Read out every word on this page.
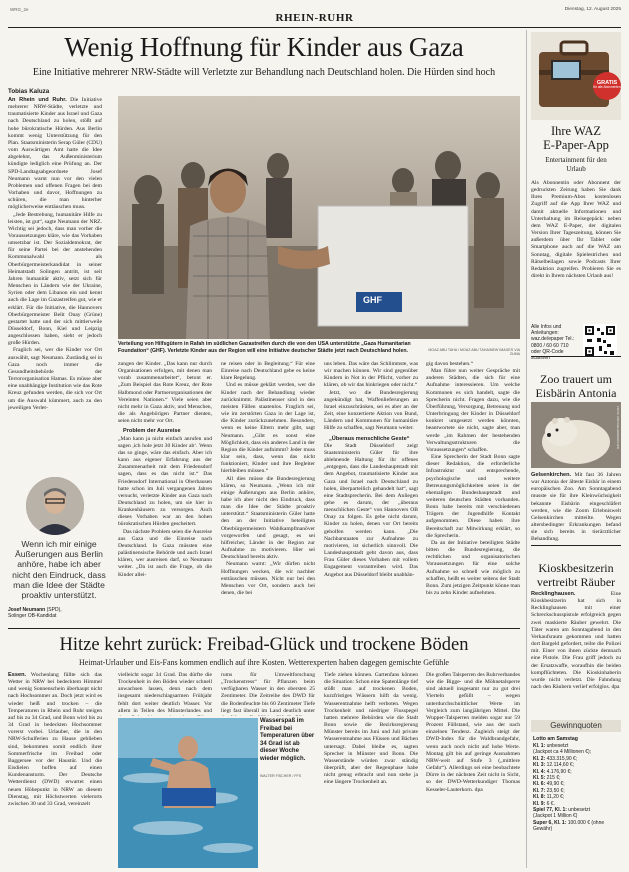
WRG_2e
RHEIN-RUHR
Dienstag, 12. August 2025
Wenig Hoffnung für Kinder aus Gaza
Eine Initiative mehrerer NRW-Städte will Verletzte zur Behandlung nach Deutschland holen. Die Hürden sind hoch
Tobias Kaluza

An Rhein und Ruhr. Die Initiative mehrerer NRW-Städte, verletzte und traumatisierte Kinder aus Israel und Gaza nach Deutschland zu holen, stößt auf hohe bürokratische Hürden. Aus Berlin kommt wenig Unterstützung für den Plan. Staatsministerin Serap Güler (CDU) vom Auswärtigen Amt hatte die Idee abgelehnt, das Außenministerium kündigte lediglich eine Prüfung an. Der SPD-Landtagsabgeordnete Josef Neumann warnt nun vor den vielen Problemen und offenen Fragen bei dem Vorhaben und davor, Hoffnungen zu schüren, die man hinterher möglicherweise enttäuschen muss.

„Jede Bestrebung, humanitäre Hilfe zu leisten, ist gut“, sagte Neumann der NRZ. Wichtig sei jedoch, dass man vorher die Voraussetzungen kläre, wie das Vorhaben umsetzbar ist. Der Sozialdemokrat, der für seine Partei bei der anstehenden Kommunalwahl als Oberbürgermeisterkandidat in seiner Heimatstadt Solingen antritt, ist seit Jahren humanitär aktiv, setzt sich für Menschen in Ländern wie der Ukraine, Syrien oder dem Libanon ein und kennt auch die Lage im Gazastreifen gut, wie er erklärt. Für die Initiative, die Hannovers Oberbürgermeister Belit Onay (Grüne) gestartet hatte und der sich mittlerweile Düsseldorf, Bonn, Kiel und Leipzig angeschlossen haben, sieht er jedoch große Hürden.

Fraglich sei, wer die Kinder vor Ort auswählt, sagt Neumann. Zuständig sei in Gaza noch immer die Gesundheitsbehörde der Terrororganisation Hamas. Es müsse aber eine unabhängige Institution wie das Rote Kreuz gefunden werden, die sich vor Ort um die Auswahl kümmert, auch zu den jeweiligen Verlet-

GHF
Verteilung von Hilfsgütern in Rafah im südlichen Gazastreifen durch die von den USA unterstützte „Gaza Humanitarian Foundation“ (GHF). Verletzte Kinder aus der Region will eine Initiative deutscher Städte jetzt nach Deutschland holen.	MOAZ ABU TAHA / MOAZ ABU TAHA/NEW IMAGES VIA ZUMA

zungen der Kinder. „Das kann nur durch Organisationen erfolgen, mit denen man vorab zusammenarbeitet“, betont er. „Zum Beispiel das Rote Kreuz, der Rote Halbmond oder Partnerorganisationen der Vereinten Nationen.“ Viele seien aber nicht mehr in Gaza aktiv, und Menschen, die als Angehörigen Partner dienten, seien nicht mehr vor Ort.

Problem der Ausreise
„Man kann ja nicht einfach anrufen und sagen ,ich hole jetzt 30 Kinder ab‘. Wenn das so ginge, wäre das einfach. Aber ich kann aus eigener Erfahrung aus der Zusammenarbeit mit dem Friedensdorf sagen, dass es das nicht ist.“ Das Friedensdorf International in Oberhausen hatte schon im Juli vergangenen Jahres versucht, verletzte Kinder aus Gaza nach Deutschland zu holen, um sie hier in Krankenhäusern zu versorgen. Auch dieses Vorhaben war an den hohen bürokratischen Hürden gescheitert.

Das nächste Problem seien die Ausreise aus Gaza und die Einreise nach Deutschland. In Gaza müssten eine palästinensische Behörde und auch Israel klären, wer ausreisen darf, so Neumann weiter. „Da ist auch die Frage, ob die Kinder allei-

ne reisen oder in Begleitung.“ Für eine Einreise nach Deutschland gebe es keine klare Regelung.

Und es müsse geklärt werden, wer die Kinder nach der Behandlung wieder zurücknimmt. Palästinenser sind in den meisten Fällen staatenlos. Fraglich sei, wie im zerstörten Gaza in der Lage ist, die Kinder zurückzunehmen. Besonders, wenn es keine Eltern mehr gibt, sagt Neumann. „Gibt es sonst eine Möglichkeit, dass ein anderes Land in der Region die Kinder aufnimmt? Jeder muss klar sein, dass, wenn das nicht funktioniert, Kinder und ihre Begleiter hierbleiben müssen.“

All dies müsse die Bundesregierung klären, so Neumann. „Wenn ich mir einige Äußerungen aus Berlin anhöre, habe ich aber nicht den Eindruck, dass man die Idee der Städte proaktiv unterstützt.“ Staatsministerin Güler hatte den an der Initiative beteiligten Oberbürgermeistern Wahlkampfmanöver vorgeworfen und gesagt, es sei hilfreicher, Länder in der Region zur Aufnahme zu motivieren. Hier sei Deutschland bereits aktiv.

Neumann warnt: „Wir dürfen nicht Hoffnungen wecken, die wir nachher enttäuschen müssen. Nicht nur bei den Menschen vor Ort, sondern auch bei denen, die bei

uns leben. Das wäre das Schlimmste, was wir machen können. Wir sind gegenüber Kindern in Not in der Pflicht, vorher zu klären, ob wir das hinkriegen oder nicht.“

Jetzt, wo die Bundesregierung angekündigt hat, Waffenlieferungen an Israel einzuschränken, sei es aber an der Zeit, eine konzertierte Aktion von Bund, Ländern und Kommunen für humanitäre Hilfe zu schaffen, sagt Neumann weiter.

„Überaus menschliche Geste“
Die Stadt Düsseldorf zeigt Staatsministerin Güler für ihre ablehnende Haltung für ihr offenes „entgegen, dass die Landeshauptstadt mit dem Angebot, traumatisierte Kinder aus Gaza und Israel nach Deutschland zu holen, überparteilich gehandelt hat“, sagt eine Stadtsprecherin. Bei dem Anliegen gehe es darum, der „überaus menschlichen Geste“ von Hannovers OB Onay zu folgen. Es gehe nicht darum, Kinder zu holen, denen vor Ort bereits geholfen werden kann. „Die Nachbarstaaten zur Aufnahme zu motivieren, ist sicherlich sinnvoll. Die Landeshauptstadt geht davon aus, dass Frau Güler dieses Vorhaben mit vollem Engagement vorantreiben wird. Das Angebot aus Düsseldorf bleibt unabhän-

gig davon bestehen.“

Man führe nun weiter Gespräche mit anderen Städten, die sich für eine Aufnahme interessieren. Um welche Kommunen es sich handelt, sagte die Sprecherin nicht. Fragen dazu, wie die Überführung, Versorgung, Betreuung und Unterbringung der Kinder in Düsseldorf konkret umgesetzt werden könnten, beantwortete sie nicht, sagte aber, man werde „im Rahmen der bestehenden Verwaltungsstrukturen die Voraussetzungen“ schaffen.

Eine Sprecherin der Stadt Bonn sagte dieser Redaktion, die erforderliche Infrastruktur und entsprechende, psychologische und weitere Betreuungsmöglichkeiten seien in der ehemaligen Bundeshauptstadt und weiteren deutschen Städten vorhanden. Bonn habe bereits mit verschiedenen Trägern der Jugendhilfe Kontakt aufgenommen. Diese haben ihre Bereitschaft zur Mitwirkung erklärt, so die Sprecherin.

Da an der Initiative beteiligten Städte bitten die Bundesregierung, die rechtlichen und organisatorischen Voraussetzungen für eine solche Aufnahme so schnell wie möglich zu schaffen, heißt es weiter seitens der Stadt Bonn. Zum jetzigen Zeitpunkt könne man bis zu zehn Kinder aufnehmen.

Wenn ich mir einige Äußerungen aus Berlin anhöre, habe ich aber nicht den Eindruck, dass man die Idee der Städte proaktiv unterstützt.
Josef Neumann (SPD),
Solinger OB-Kandidat
Hitze kehrt zurück: Freibad-Glück und trockene Böden
Heimat-Urlauber und Eis-Fans kommen endlich auf ihre Kosten. Wetterexperten haben dagegen gemischte Gefühle
Essen. Wochenlang füllte sich das Wetter in NRW bei bedecktem Himmel und wenig Sonnenschein überhaupt nicht nach Hochsommer an. Doch jetzt wird es wieder heiß und trocken – die Temperaturen in Rhein und Ruhr steigen auf bis zu 34 Grad, und Bonn wird bis zu 34 Grad in bedeckten Hochsommer vorerst vorbei. Urlauber, die in den NRW-Schulferien zu Hause geblieben sind, bekommen somit endlich ihrer Sommerfrische im Freibad oder Baggersee vor der Haustür. Und die Eisdielen hoffen auf einen Kundenansturm. Der Deutsche Wetterdienst (DWD) erwartet einen neuen Höhepunkt in NRW an diesem Dienstag, mit Höchstwerten vielerorts zwischen 30 und 33 Grad, vereinzelt
vielleicht sogar 34 Grad. Das dürfte die Trockenheit in den Böden wieder schnell anwachsen lassen, denn nach dem insgesamt niederschlagsarmen Frühjahr fehlt dort weiter deutlich Wasser. Vor allem in Teilen des Münsterlandes und
rums für Umweltforschung „Trockenstress“ für Pflanzen beim verfügbaren Wasser in den obersten 25 Zentimeter. Die Zeitreihe des DWD für die Bodenfeuchte bis 60 Zentimeter Tiefe liegt fast überall im Land deutlich unter
Tiefe ziehen können. Gartenfans können die Situation: Schon eine Spatenlänge tief stößt man auf trockenen Boden, kurzfristiges Wässern hilft da wenig. Wasserentnahme helft verboten. Wegen Trockenheit und niedriger Flusspegel hatten mehrere Behörden wie die Stadt Bonn sowie die Bezirksregierung Münster bereits im Juni und Juli private Wasserentnahme aus Flüssen und Bächen untersagt. Dabei bleibe es, sagten Sprecher in Münster und Bonn. Die Wasserstände würden zwar ständig überprüft, aber der Regenphase habe nicht genug erbracht und nun stehe ja eine längere Trockenheit an.
Die großen Talsperren des Ruhrverbandes wie die Bigge- und die Möhnetalsperre sind aktuell insgesamt nur zu gut drei Vierteln gefüllt – wegen unterdurchschnittlicher Werte im Vergleich zum langjährigen Mittel. Die Wupper-Talsperren melden sogar nur 59 Prozent Füllstand, wie aus der nach einzelnen Tendenz. Zugleich steigt der DWD-Index für die Waldbrandgefahr, wenn auch noch nicht auf hohe Werte. Montag gilt bis auf geringe Ausnahmen NRW-weit auf Stufe 3 („mittlere Gefahr“). Allerdings sei eine beobachtete Dürre in der nächsten Zeit nicht in Sicht, so der DWD-Wetterkundiger Thomas Kesseler-Lauterkorn. dpa
Wasserspaß im Freibad bei Temperaturen über 34 Grad ist ab dieser Woche wieder möglich.
WALTER FISCHER / FFS
GRATIS
für alle Abonnenten
Ihre WAZ
E-Paper-App
Entertainment für den Urlaub
Als Abonnentin oder Abonnent der gedruckten Zeitung haben Sie dank Ihres Premium-Abos kostenlosen Zugriff auf die App Ihrer WAZ und damit aktuelle Informationen und Unterhaltung im Reisegepäck: neben dem WAZ E-Paper, der digitalen Version Ihrer Tageszeitung, können Sie außerdem über Ihr Tablet oder Smartphone auch auf die WAZ am Sonntag, digitale Spielestrichen und Rätselbeilagen sowie Podcasts Ihrer Redaktion zugreifen. Probieren Sie es direkt in Ihrem nächsten Urlaub aus!
Alle Infos und Anleitungen: waz.de/epaper Tel.: 0800 / 60 60 710 oder QR-Code scannen
Zoo trauert um Eisbärin Antonia
FOTO: ZOO GELSENKIRCHEN
Gelsenkirchen. Mit fast 36 Jahren war Antonia der älteste Eisbär in einem europäischen Zoo. Am Sonntagabend musste sie für ihre Kleinwüchsigkeit bekannte Eisbärin eingeschläfert werden, wie die Zoom Erlebniswelt Gelsenkirchen mitteilte. Wegen altersbedingter Erkrankungen befand sie sich bereits in tierärztlicher Behandlung.
Kioskbesitzerin vertreibt Räuber
Recklinghausen. Eine Kioskbesitzerin hat sich in Recklinghausen mit einer Schreckschusspistole erfolgreich gegen zwei maskierte Räuber gewehrt. Die Täter waren am Sonntagabend in den Verkaufsraum gekommen und hatten dort Bargeld gefordert, teilte die Polizei mit. Einer von ihnen zückte demnach eine Pistole. Die Frau griff jedoch zu der Ersatzwaffe, woraufhin die beiden kompflüchteten. Die Kioskinhaberin wurde nicht verletzt. Die Fahndung nach den Räubern verlief erfolglos. dpa
Gewinnquoten
Lotto am Samstag
Kl. 1: unbesetzt
(Jackpot ca 4 Millionen €);
Kl. 2: 433.315,90 €;
Kl. 3: 12.114,60 €;
Kl. 4: 4.176,90 €;
Kl. 5: 215 €;
Kl. 6: 49,90 €;
Kl. 7: 23,50 €;
Kl. 8: 11,20 €;
Kl. 9: 6 €.
Spiel 77, Kl. 1: unbesetzt
(Jackpot 1 Million €)
Super 6, Kl. 1: 100.000 € (ohne Gewähr)
